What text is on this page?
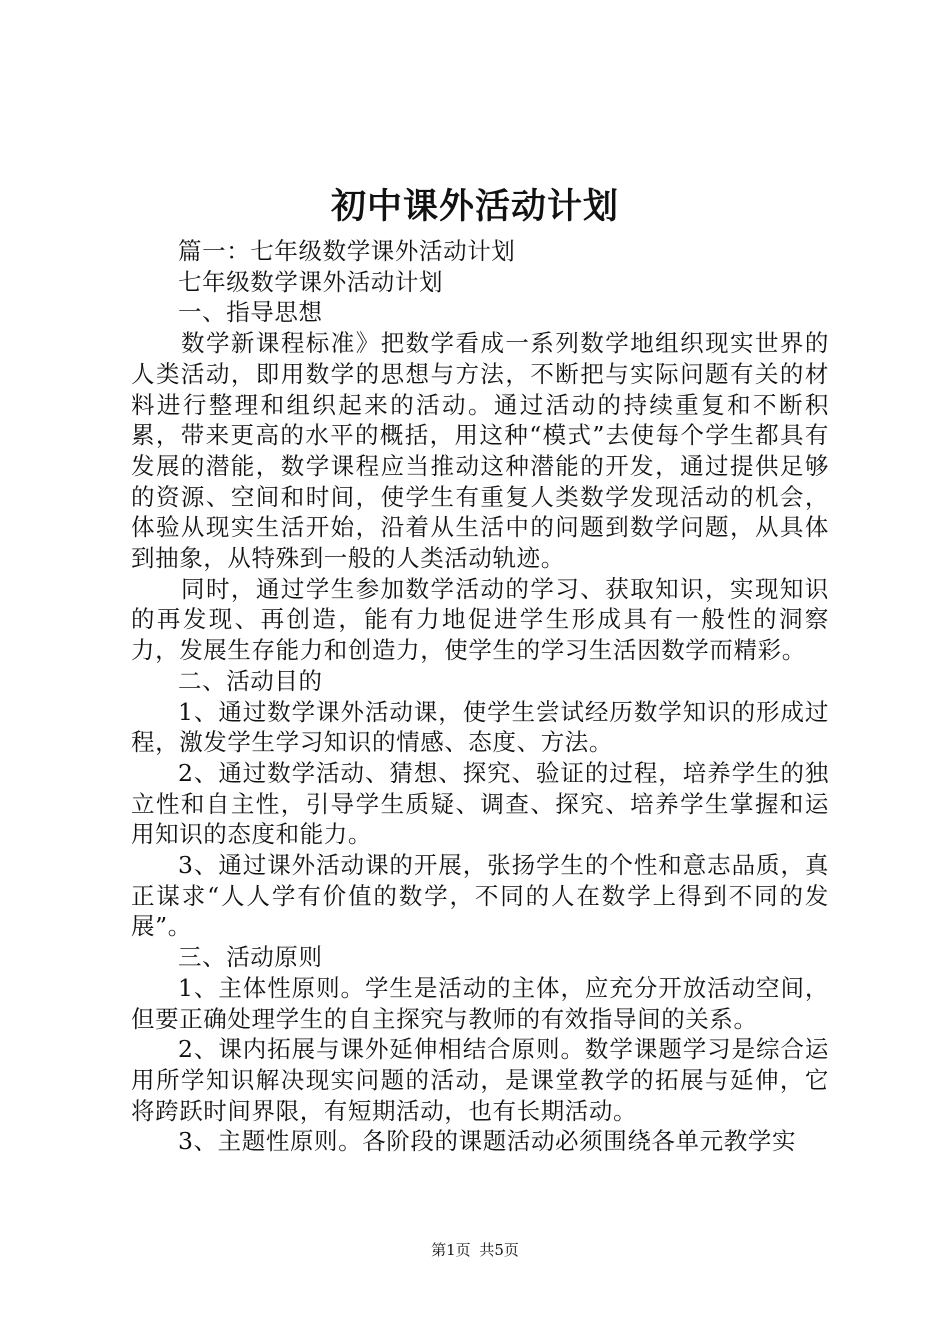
初中课外活动计划

篇一：七年级数学课外活动计划

七年级数学课外活动计划

一、指导思想

数学新课程标准》把数学看成一系列数学地组织现实世界的人类活动，即用数学的思想与方法，不断把与实际问题有关的材料进行整理和组织起来的活动。通过活动的持续重复和不断积累，带来更高的水平的概括，用这种“模式”去使每个学生都具有发展的潜能，数学课程应当推动这种潜能的开发，通过提供足够的资源、空间和时间，使学生有重复人类数学发现活动的机会，体验从现实生活开始，沿着从生活中的问题到数学问题，从具体到抽象，从特殊到一般的人类活动轨迹。

同时，通过学生参加数学活动的学习、获取知识，实现知识的再发现、再创造，能有力地促进学生形成具有一般性的洞察力，发展生存能力和创造力，使学生的学习生活因数学而精彩。

二、活动目的

1、通过数学课外活动课，使学生尝试经历数学知识的形成过程，激发学生学习知识的情感、态度、方法。

2、通过数学活动、猜想、探究、验证的过程，培养学生的独立性和自主性，引导学生质疑、调查、探究、培养学生掌握和运用知识的态度和能力。

3、通过课外活动课的开展，张扬学生的个性和意志品质，真正谋求“人人学有价值的数学，不同的人在数学上得到不同的发展”。

三、活动原则

1、主体性原则。学生是活动的主体，应充分开放活动空间，但要正确处理学生的自主探究与教师的有效指导间的关系。

2、课内拓展与课外延伸相结合原则。数学课题学习是综合运用所学知识解决现实问题的活动，是课堂教学的拓展与延伸，它将跨跃时间界限，有短期活动，也有长期活动。

3、主题性原则。各阶段的课题活动必须围绕各单元教学实

第1页 共5页
